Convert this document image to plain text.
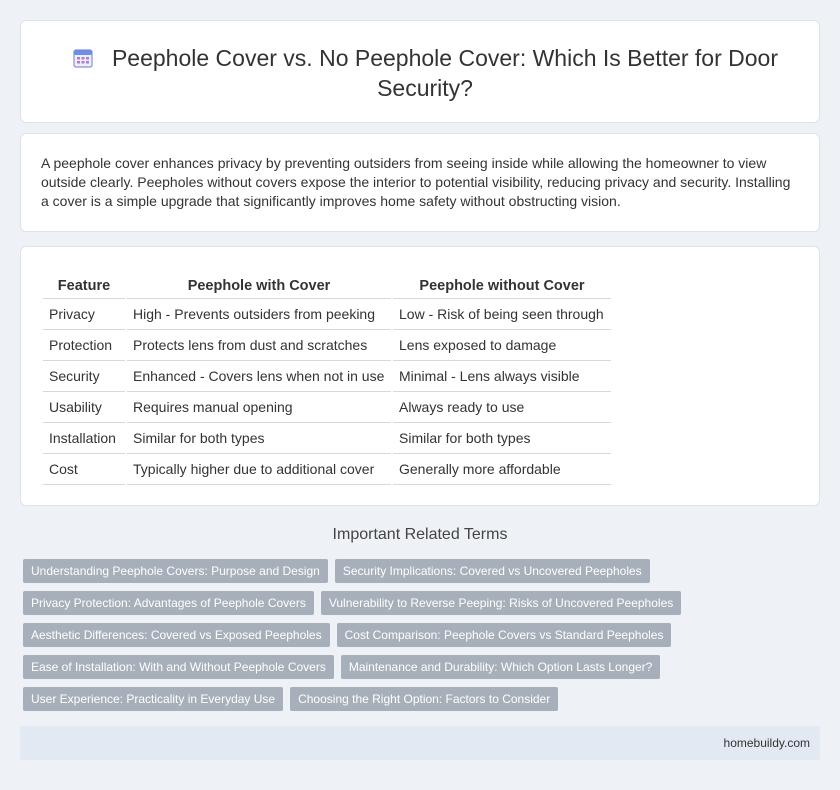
Peephole Cover vs. No Peephole Cover: Which Is Better for Door Security?

A peephole cover enhances privacy by preventing outsiders from seeing inside while allowing the homeowner to view outside clearly. Peepholes without covers expose the interior to potential visibility, reducing privacy and security. Installing a cover is a simple upgrade that significantly improves home safety without obstructing vision.

Feature	Peephole with Cover	Peephole without Cover
Privacy	High - Prevents outsiders from peeking	Low - Risk of being seen through
Protection	Protects lens from dust and scratches	Lens exposed to damage
Security	Enhanced - Covers lens when not in use	Minimal - Lens always visible
Usability	Requires manual opening	Always ready to use
Installation	Similar for both types	Similar for both types
Cost	Typically higher due to additional cover	Generally more affordable
Important Related Terms
Understanding Peephole Covers: Purpose and Design	Security Implications: Covered vs Uncovered Peepholes
Privacy Protection: Advantages of Peephole Covers	Vulnerability to Reverse Peeping: Risks of Uncovered Peepholes
Aesthetic Differences: Covered vs Exposed Peepholes	Cost Comparison: Peephole Covers vs Standard Peepholes
Ease of Installation: With and Without Peephole Covers	Maintenance and Durability: Which Option Lasts Longer?
User Experience: Practicality in Everyday Use	Choosing the Right Option: Factors to Consider
homebuildy.com
